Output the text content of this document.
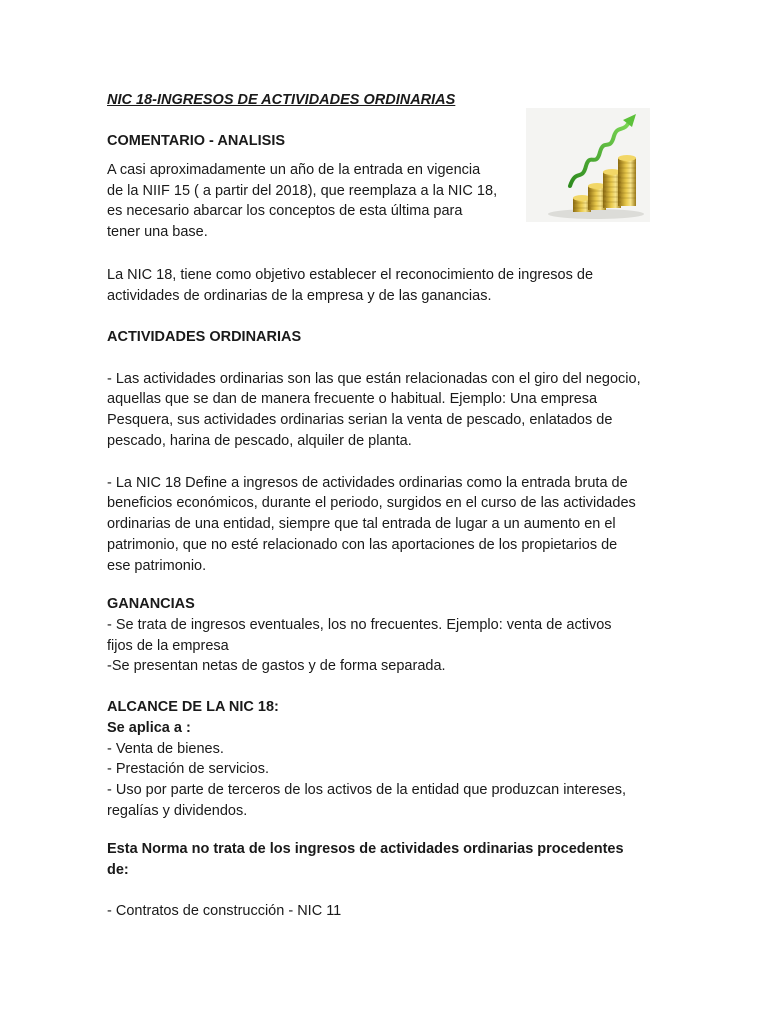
NIC 18-INGRESOS DE ACTIVIDADES ORDINARIAS

COMENTARIO - ANALISIS

A casi aproximadamente un año de la entrada en vigencia

de la NIIF 15 ( a partir del 2018), que reemplaza a la NIC 18,

es necesario abarcar los conceptos de esta última para

tener una base.

La NIC 18, tiene como objetivo establecer el reconocimiento de ingresos de

actividades de ordinarias de la empresa y de las ganancias.

ACTIVIDADES ORDINARIAS

- Las actividades ordinarias son las que están relacionadas con el giro del negocio,

aquellas que se dan de manera frecuente o habitual. Ejemplo: Una empresa

Pesquera, sus actividades ordinarias serian la venta de pescado, enlatados de

pescado, harina de pescado, alquiler de planta.

- La NIC 18 Define a ingresos de actividades ordinarias como la entrada bruta de

beneficios económicos, durante el periodo, surgidos en el curso de las actividades

ordinarias de una entidad, siempre que tal entrada de lugar a un aumento en el

patrimonio, que no esté relacionado con las aportaciones de los propietarios de

ese patrimonio.

GANANCIAS

- Se trata de ingresos eventuales, los no frecuentes. Ejemplo: venta de activos

fijos de la empresa

-Se presentan netas de gastos y de forma separada.

ALCANCE DE LA NIC 18:

Se aplica a :

- Venta de bienes.

- Prestación de servicios.

- Uso por parte de terceros de los activos de la entidad que produzcan intereses,

regalías y dividendos.

Esta Norma no trata de los ingresos de actividades ordinarias procedentes

de:

- Contratos de construcción - NIC 11
